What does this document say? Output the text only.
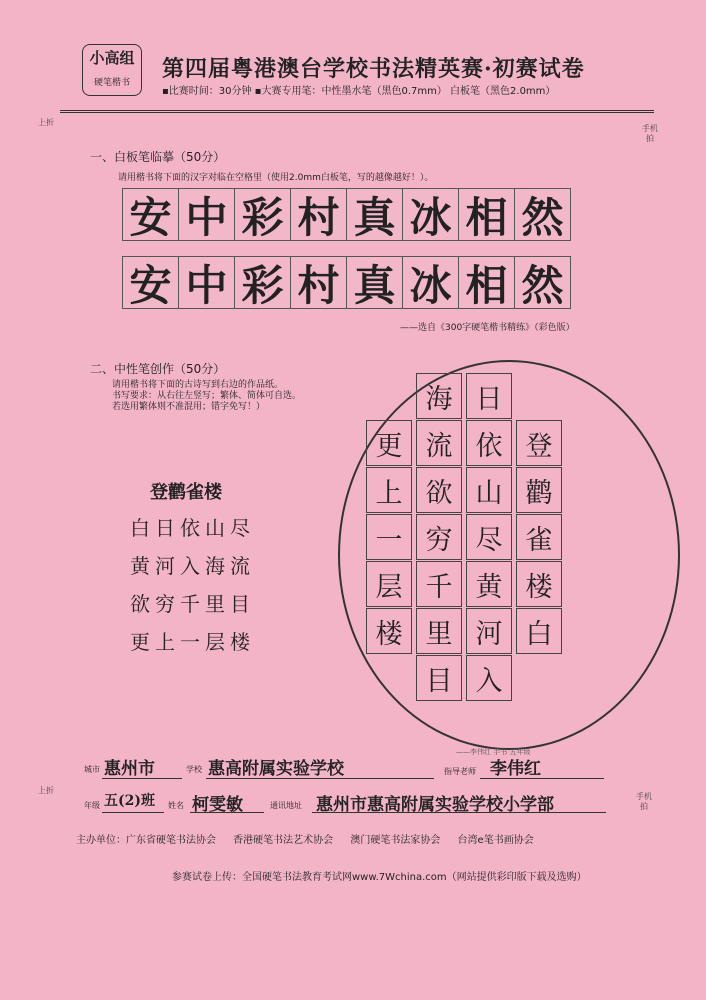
小高组
硬笔楷书
第四届粤港澳台学校书法精英赛·初赛试卷
▪比赛时间：30分钟 ▪大赛专用笔：中性墨水笔（黑色0.7mm） 白板笔（黑色2.0mm）
上折
手机拍
上折
手机拍
一、白板笔临摹（50分）
请用楷书将下面的汉字对临在空格里（使用2.0mm白板笔，写的越像越好！）。
安 中 彩 村 真 冰 相 然
安 中 彩 村 真 冰 相 然
——选自《300字硬笔楷书精练》（彩色版）
二、中性笔创作（50分）
请用楷书将下面的古诗写到右边的作品纸。
书写要求：从右往左竖写；繁体、简体可自选。
若选用繁体则不准混用；错字免写！）
登鹳雀楼
白日依山尽
黄河入海流
欲穷千里目
更上一层楼
登
鹳
雀
楼
白
日
依
山
尽
黄
河
入
海
流
欲
穷
千
里
目
更
上
一
层
楼
——李伟红 手书 五年级
城市 惠州市	学校 惠高附属实验学校	指导老师 李伟红
年级 五(2)班 姓名 柯雯敏	通讯地址 惠州市惠高附属实验学校小学部
主办单位：广东省硬笔书法协会 香港硬笔书法艺术协会 澳门硬笔书法家协会 台湾e笔书画协会
参赛试卷上传：全国硬笔书法教育考试网www.7Wchina.com（网站提供彩印版下载及选购）
